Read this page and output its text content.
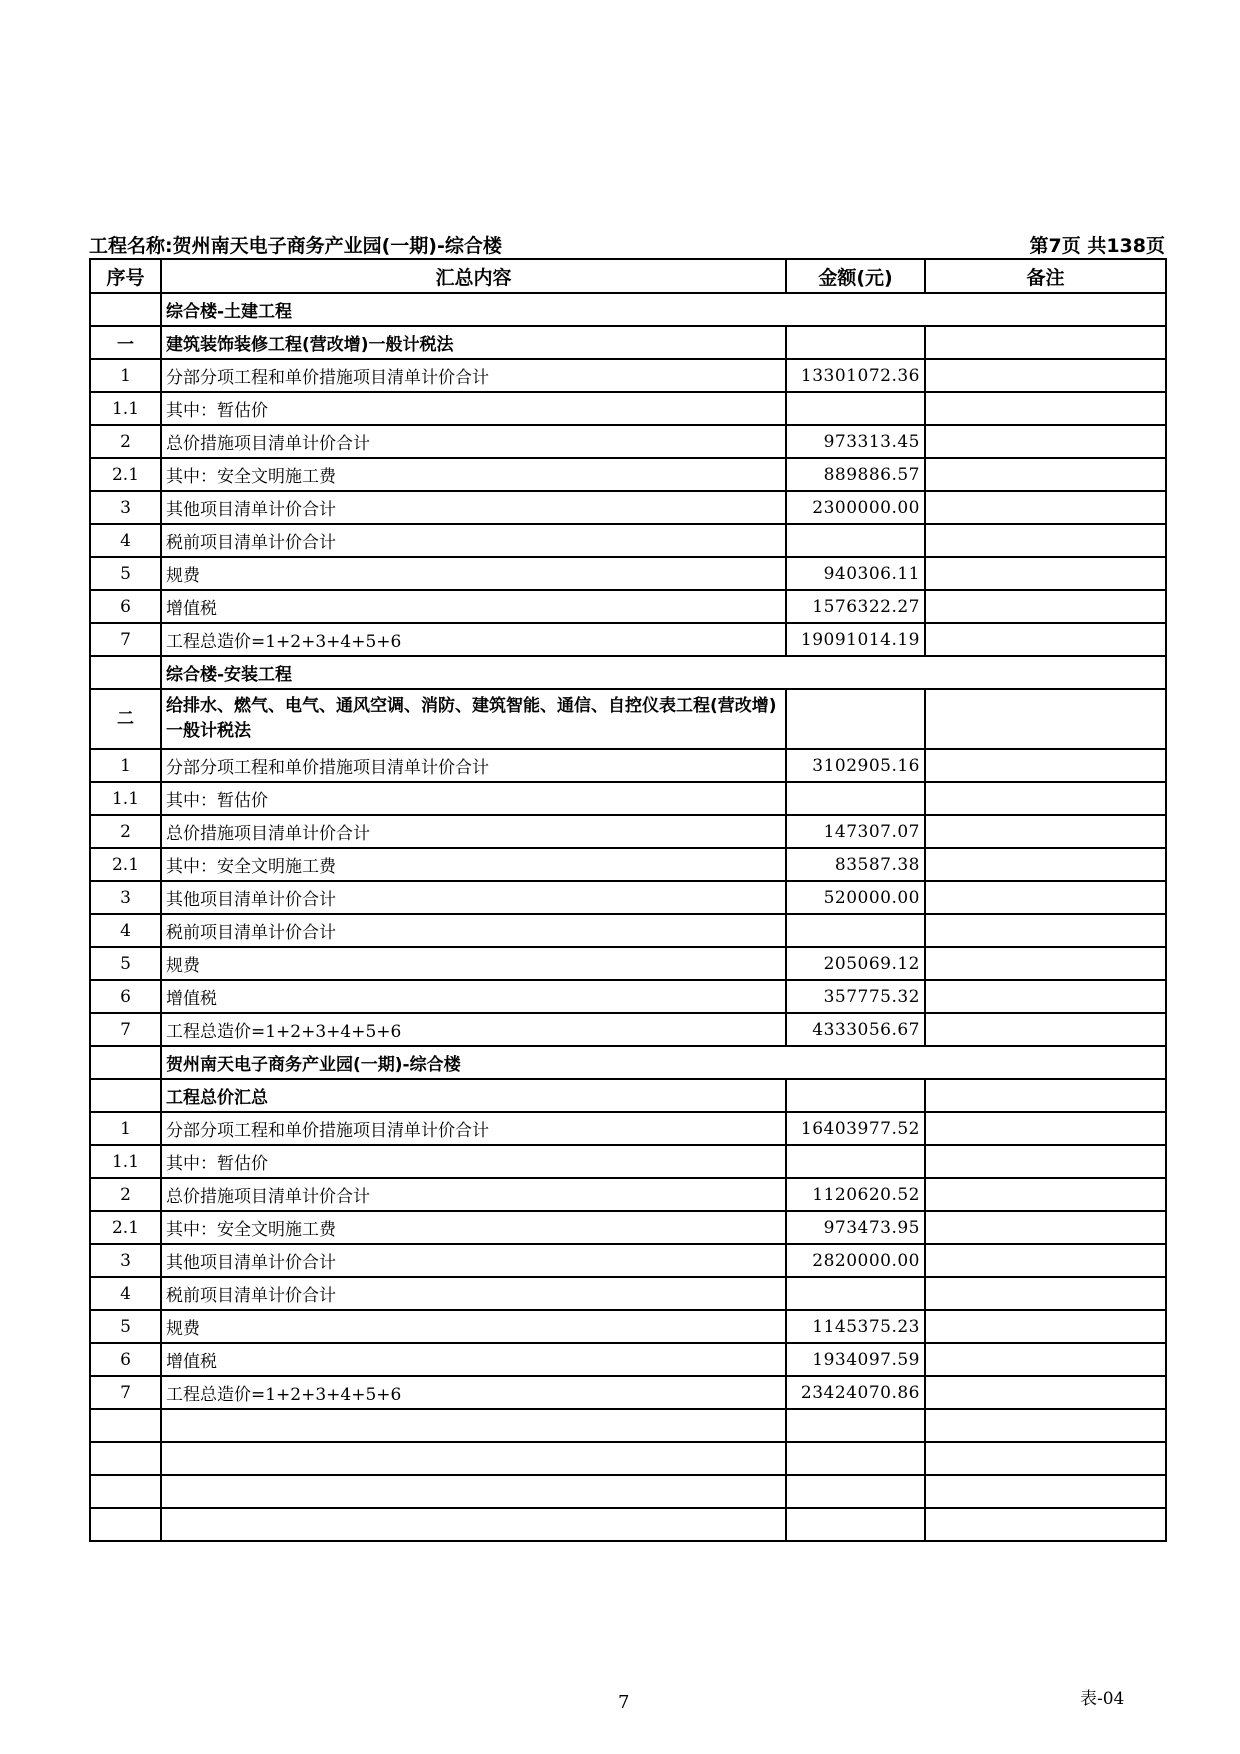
工程名称:贺州南天电子商务产业园(一期)-综合楼	第7页 共138页
序号	汇总内容	金额(元)	备注
	综合楼-土建工程		
一	建筑装饰装修工程(营改增)一般计税法		
1	分部分项工程和单价措施项目清单计价合计	13301072.36	
1.1	其中：暂估价		
2	总价措施项目清单计价合计	973313.45	
2.1	其中：安全文明施工费	889886.57	
3	其他项目清单计价合计	2300000.00	
4	税前项目清单计价合计		
5	规费	940306.11	
6	增值税	1576322.27	
7	工程总造价=1+2+3+4+5+6	19091014.19	
	综合楼-安装工程		
二	给排水、燃气、电气、通风空调、消防、建筑智能、通信、自控仪表工程(营改增)一般计税法		
1	分部分项工程和单价措施项目清单计价合计	3102905.16	
1.1	其中：暂估价		
2	总价措施项目清单计价合计	147307.07	
2.1	其中：安全文明施工费	83587.38	
3	其他项目清单计价合计	520000.00	
4	税前项目清单计价合计		
5	规费	205069.12	
6	增值税	357775.32	
7	工程总造价=1+2+3+4+5+6	4333056.67	
	贺州南天电子商务产业园(一期)-综合楼		
	工程总价汇总		
1	分部分项工程和单价措施项目清单计价合计	16403977.52	
1.1	其中：暂估价		
2	总价措施项目清单计价合计	1120620.52	
2.1	其中：安全文明施工费	973473.95	
3	其他项目清单计价合计	2820000.00	
4	税前项目清单计价合计		
5	规费	1145375.23	
6	增值税	1934097.59	
7	工程总造价=1+2+3+4+5+6	23424070.86	

7	表-04
